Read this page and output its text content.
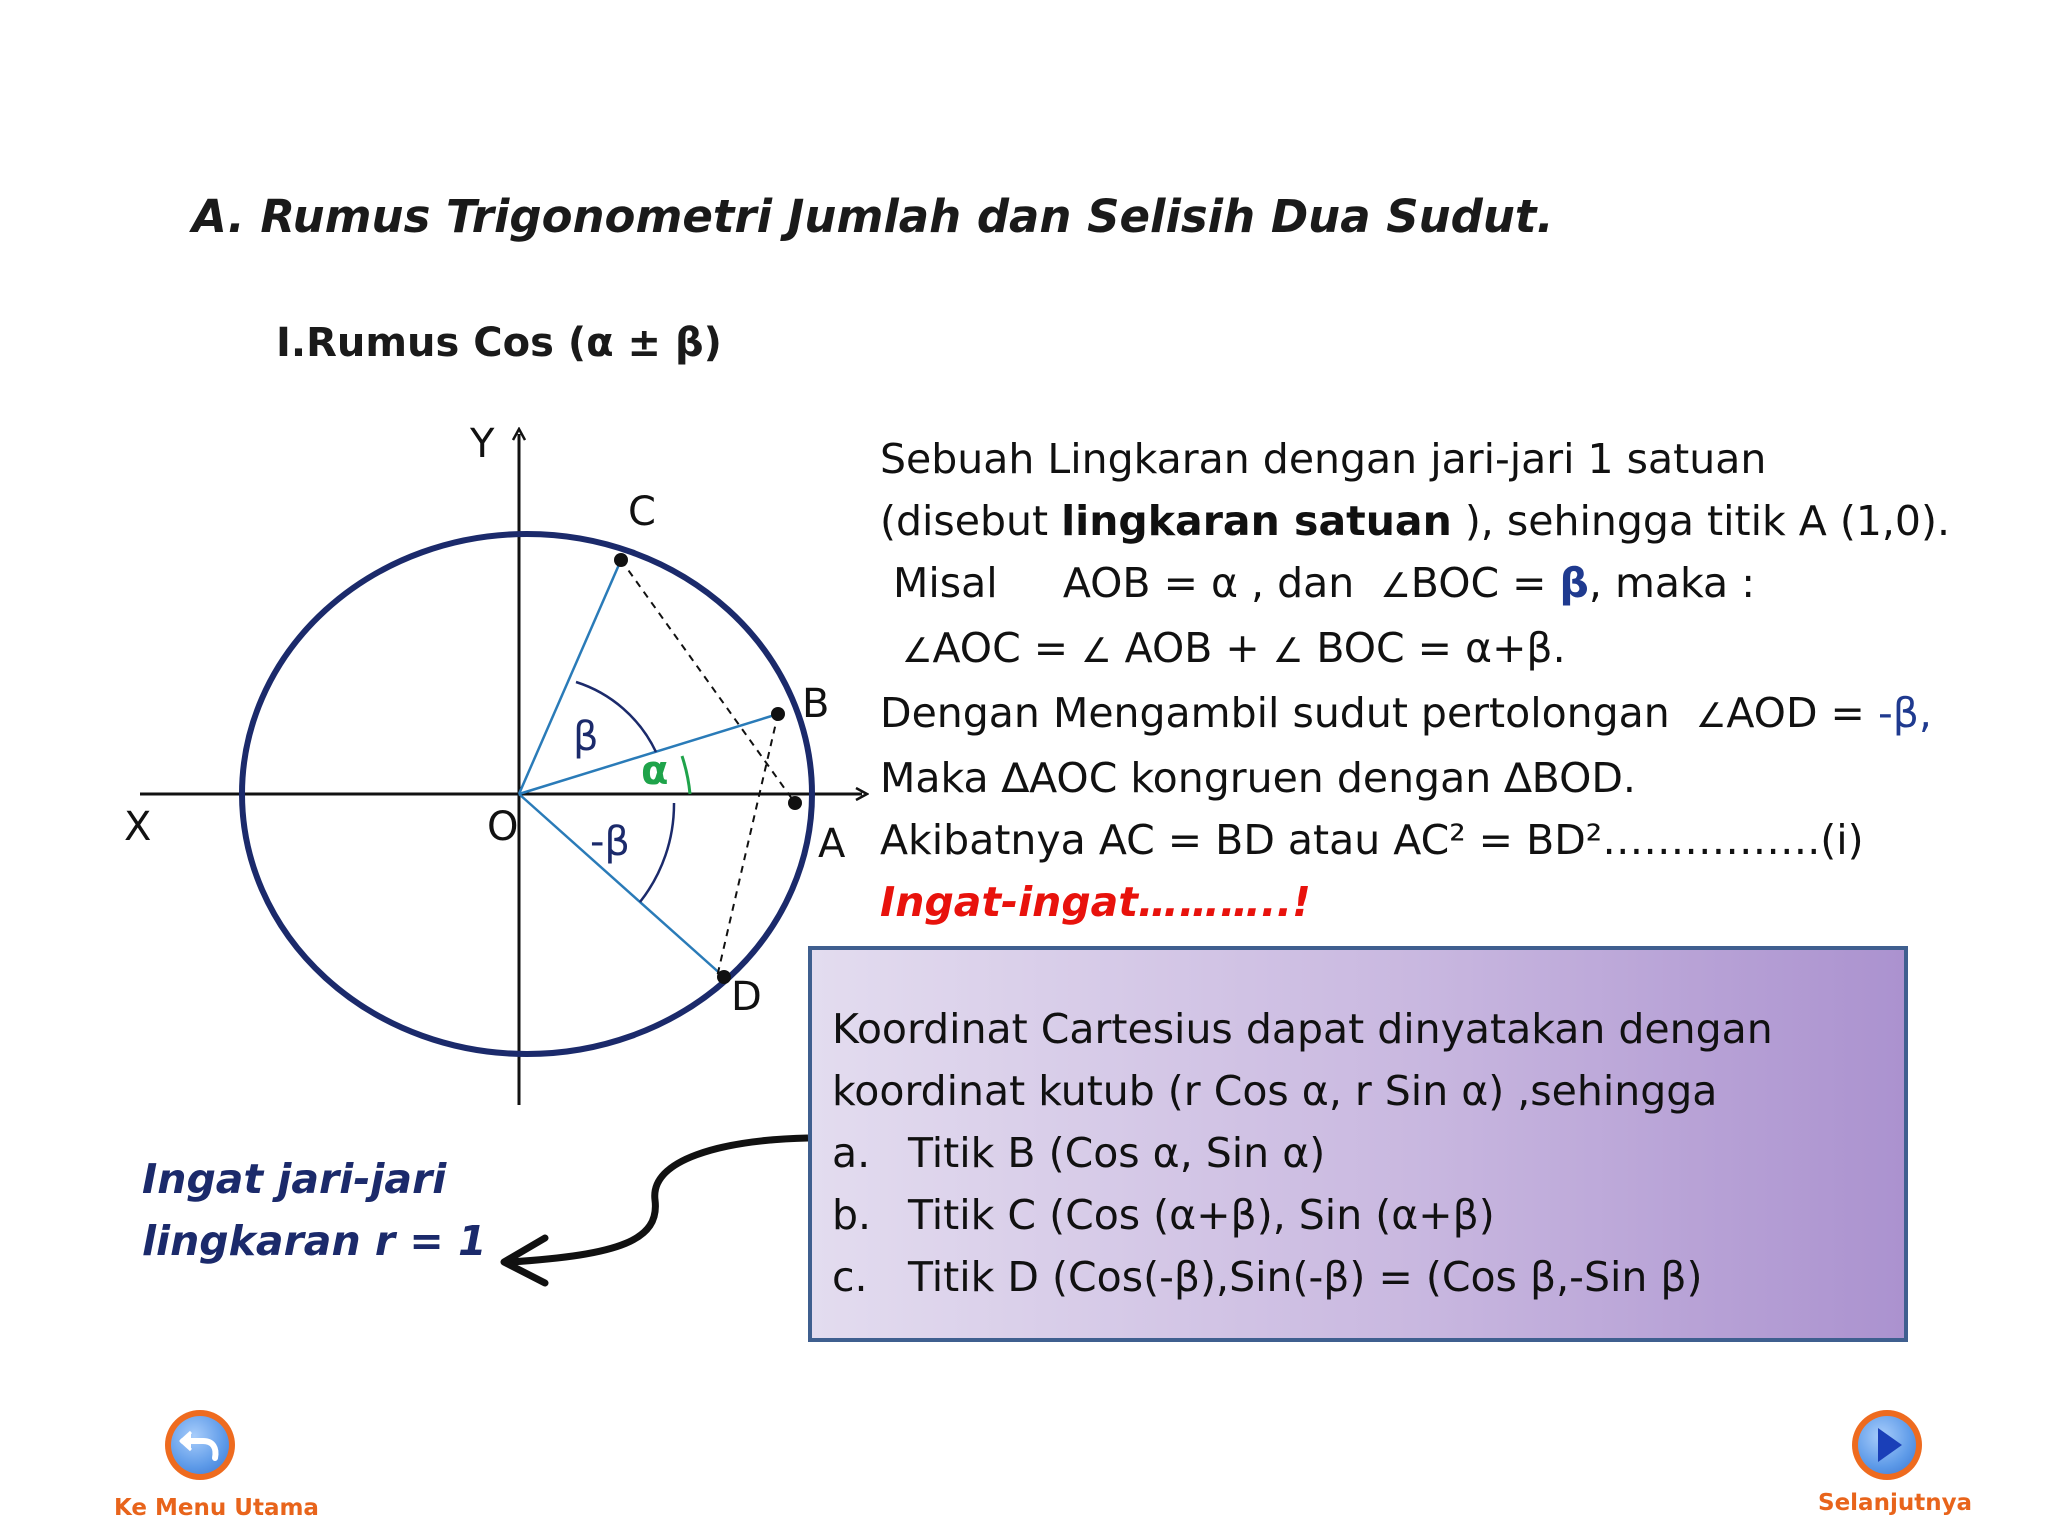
A. Rumus Trigonometri Jumlah dan Selisih Dua Sudut.
I.Rumus Cos (α ± β)
Y
X	O
C
B
A
D
β
α
-β
Sebuah Lingkaran dengan jari-jari 1 satuan
(disebut lingkaran satuan ), sehingga titik A (1,0).
Misal     AOB = α , dan  ∠BOC = β, maka :
∠AOC = ∠ AOB + ∠ BOC = α+β.
Dengan Mengambil sudut pertolongan  ∠AOD = -β,
Maka ∆AOC kongruen dengan ∆BOD.
Akibatnya AC = BD atau AC² = BD²…………….(i)
Ingat-ingat………..!
Koordinat Cartesius dapat dinyatakan dengan
koordinat kutub (r Cos α, r Sin α) ,sehingga
a. Titik B (Cos α, Sin α)
b. Titik C (Cos (α+β), Sin (α+β)
c. Titik D (Cos(-β),Sin(-β) = (Cos β,-Sin β)
Ingat jari-jari
lingkaran r = 1
Ke Menu Utama	Selanjutnya
